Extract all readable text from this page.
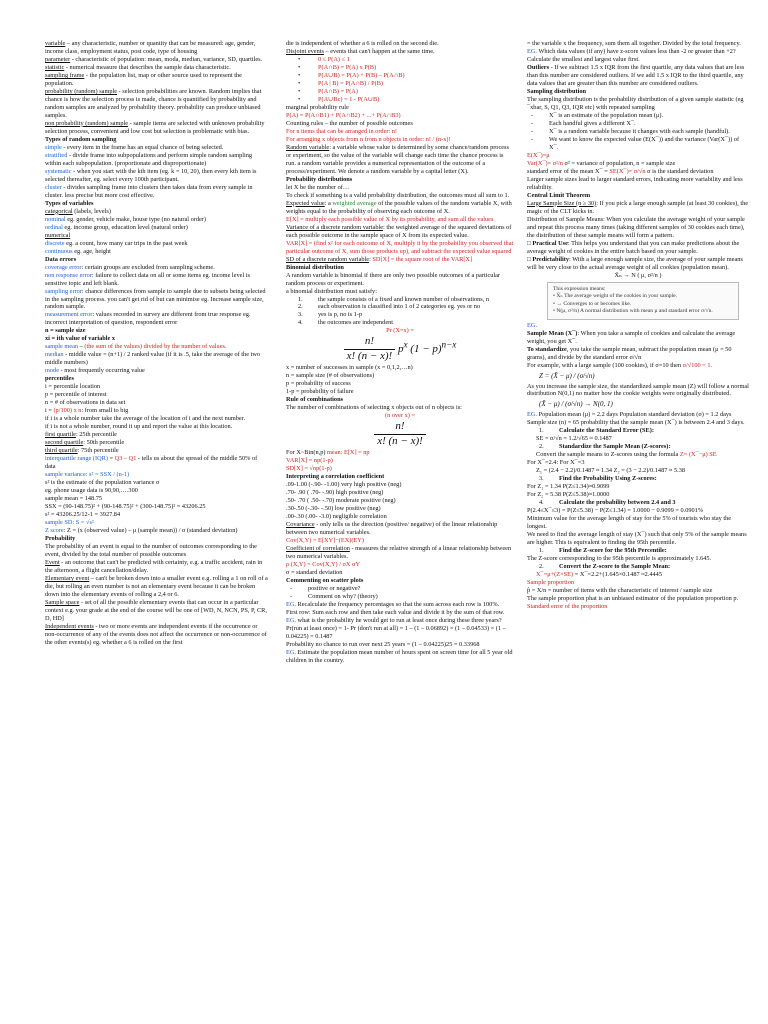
variable – any characteristic, number or quantity that can be measured: age, gender, income class, employment status, post code, type of housing
parameter - characteristic of population: mean, moda, median, variance, SD, quartiles.
statistic - numerical measure that describes the sample data characteristic.
sampling frame - the population list, map or other source used to represent the population.
probability (random) sample - selection probabilities are known. Random implies that chance is how the selection process is made, chance is quantified by probability and random samples are analyzed by probability theory. probability can produce unbiased samples.
non probability (random) sample - sample items are selected with unknown probability selection process, convenient and low cost but selection is problematic with bias.
Types of random sampling
simple - every item in the frame has an equal chance of being selected.
stratified - divide frame into subpopulations and perform simple random sampling within each subpopulation. (proportionate and disproportionate)
systematic - when you start with the kth item (eg. k = 10, 20), then every kth item is selected thereafter, eg. select every 100th participant.
cluster - divides sampling frame into clusters then takes data from every sample in cluster. less precise but more cost effective.
Types of variables
categorical (labels, levels)
nominal eg. gender, vehicle make, house type (no natural order)
ordinal eg. income group, education level (natural order)
numerical
discrete eg. a count, how many car trips in the past week
continuous eg. age, height
Data errors
coverage error: certain groups are excluded from sampling scheme.
non response error: failure to collect data on all or some items eg. income level is sensitive topic and left blank.
sampling error: chance differences from sample to sample due to subsets being selected in the sampling process. you can't get rid of but can minimise eg. Increase sample size, random sample.
measurement error: values recorded in survey are different from true response eg. incorrect interpretation of question, respondent error
n = sample size
xi = ith value of variable x
sample mean – (the sum of the values) divided by the number of values.
median - middle value = (n+1) / 2 ranked value (if it is .5, take the average of the two middle numbers)
mode - most frequently occurring value
percentiles
i = percentile location
p = percentile of interest
n = # of observations in data set
i = (p/100) x n: from small to big
if i is a whole number take the average of the location of i and the next number.
if i is not a whole number, round it up and report the value at this location.
first quartile: 25th percentile
second quartile: 50th percentile
third quartile: 75th percentile
interquartile range (IQR) = Q3 – Q1 - tells us about the spread of the middle 50% of data
sample variance: s² = SSX / (n-1)
s² is the estimate of the population variance σ
eg. phone usage data is 90,90,….300
sample mean = 148.75
SSX = (90-148.75)² + (90-148.75)² + (300-148.75)² = 43206.25
s² = 43206.25/12-1 = 3927.84
sample SD: S = √s²
Z score: Z = (x (observed value) – μ (sample mean)) / σ (standard deviation)
Probability
The probability of an event is equal to the number of outcomes corresponding to the event, divided by the total number of possible outcomes
Event - an outcome that can't be predicted with certainty, e.g. a traffic accident, rain in the afternoon, a flight cancellation/delay.
Elementary event – can't be broken down into a smaller event e.g. rolling a 1 on roll of a die, but rolling an even number is not an elementary event because it can be broken down into the elementary events of rolling a 2,4 or 6.
Sample space - set of all the possible elementary events that can occur in a particular context e.g. your grade at the end of the course will be one of [WD, N, NCN, PS, P, CR, D, HD]
Independent events - two or more events are independent events if the occurrence or non-occurrence of any of the events does not affect the occurrence or non-occurrence of the other events(s) eg. whether a 6 is rolled on the first
die is independent of whether a 6 is rolled on the second die.
Disjoint events – events that can't happen at the same time.
•	0 ≤ P(A) ≤ 1
•	P(A∩B) = P(A) x P(B)
•	P(A∪B) = P(A) + P(B) – P(A∩B)
•	P(A | B) = P(A∩B) / P(B)
•	P(A∩B) = P(A)
•	P(A∪Bc) = 1 - P(A∪B)
marginal probability rule
P(A) = P(A∩B1) + P(A∩B2) + ...+ P(A∩B3)
Counting rules – the number of possible outcomes
For n items that can be arranged in order: n!
For arranging x objects from n from n objects in order: n! / (n-x)!
Random variable: a variable whose value is determined by some chance/random process or experiment, so the value of the variable will change each time the chance process is run. a random variable provides a numerical representation of the outcome of a process/experiment. We denote a random variable by a capital letter (X).
Probability distributions
let X be the number of…
To check if something is a valid probability distribution, the outcomes must all sum to 1.
Expected value: a weighted average of the possible values of the random variable X, with weights equal to the probability of observing each outcome of X.
E[X] = multiply each possible value of X by its probability, and sum all the values
Variance of a discrete random variable: the weighted average of the squared deviations of each possible outcome in the sample space of X from its expected value.
VAR[X] = (find x² for each outcome of X, multiply it by the probability you observed that particular outcome of X, sum those products up), and subtract the expected value squared
SD of a discrete random variable: SD[X] = the square root of the VAR[X]
Binomial distribution
A random variable is binomial if there are only two possible outcomes of a particular random process or experiment.
a binomial distribution must satisfy:
1. the sample consists of a fixed and known number of observations, n
2. each observation is classified into 1 of 2 categories eg. yes or no
3. yes is p, no is 1-p
4. the outcomes are independent
Pr (X=x) =
$\frac{n!}{x! (n - x)!} p^x$ $(1 - p)^{n-x}$
x = number of successes in sample (x = 0,1,2,…n)
n = sample size (# of observations)
p = probability of success
1-p = probability of failure
Rule of combinations
The number of combinations of selecting x objects out of n objects is:
(n over x) =
$\frac{n!}{x! (n - x)!}$
For X~Bin(n,p) mean: E[X] = np
VAR[X] = np(1-p)
SD[X] = √np(1-p)
Interpreting a correlation coefficient
.09-1.00 (-.90- -1.00) very high positive (neg)
.70- .90 ( .70- -.90) high positive (neg)
.50- .70 ( .50- -.70) moderate positive (neg)
.30-.50 (-.30- -.50) low positive (neg)
.00-.30 (.00- -3.0) negligible correlation
Covariance - only tells us the direction (positive/ negative) of the linear relationship between two numerical variables.
Cov(X,Y) = E[XY]−(EX)(EY)
Coefficient of correlation - measures the relative strength of a linear relationship between two numerical variables.
ρ (X,Y) = Cov(X,Y) / σX σY
σ = standard deviation
Commenting on scatter plots
-	positive or negative?
-	Comment on why? (theory)
EG. Recalculate the frequency percentages so that the sum across each row is 100%.
First row: Sum each row and then take each value and divide it by the sum of that row.
EG. what is the probability he would get to run at least once during these three years? Pr(run at least once) = 1- Pr (don't run at all) = 1 – (1 – 0.06892) × (1 – 0.04533) × (1 – 0.04225) = 0.1487
Probability no chance to run over next 25 years = (1 – 0.04225)25 = 0.33968
EG. Estimate the population mean number of hours spent on screen time for all 5 year old children in the country.
= the variable x the frequency, sum them all together. Divided by the total frequency.
EG. Which data values (if any) have z-score values less than -2 or greater than +2?
Calculate the smallest and largest value first.
Outliers - If we subtract 1.5 x IQR from the first quartile, any data values that are less than this number are considered outliers. If we add 1.5 x IQR to the third quartile, any data values that are greater than this number are considered outliers.
Sampling distribution
The sampling distribution is the probability distribution of a given sample statistic (eg ¯xbar, S, Q1, Q3, IQR etc) with repeated sampling
-	X¯ is an estimate of the population mean (μ).
-	Each handful gives a different X¯.
-	X¯ is a random variable because it changes with each sample (handful).
-	We want to know the expected value (E(X¯)) and the variance (Var(X¯)) of X¯.
E(X¯)=μ
Var(X¯)= σ²/n σ² = variance of population, n = sample size
standard error of the mean X¯ = SE(X¯)= σ/√n σ is the standard deviation
Larger sample sizes lead to larger standard errors, indicating more variability and less reliability.
Central Limit Theorem
Large Sample Size (n ≥ 30): If you pick a large enough sample (at least 30 cookies), the magic of the CLT kicks in.
Distribution of Sample Means: When you calculate the average weight of your sample and repeat this process many times (taking different samples of 30 cookies each time), the distribution of these sample means will form a pattern.
□ Practical Use: This helps you understand that you can make predictions about the average weight of cookies in the entire batch based on your sample.
□ Predictability: With a large enough sample size, the average of your sample means will be very close to the actual average weight of all cookies (population mean).
X̄ₙ → N ( μ, σ²/n )
This expression means:
• X̄ₙ The average weight of the cookies in your sample.
• → Converges to or becomes like.
• N(μ, σ²/n) A normal distribution with mean μ and standard error σ/√n.
EG.
Sample Mean (X¯): When you take a sample of cookies and calculate the average weight, you get X¯.
To standardize, you take the sample mean, subtract the population mean (μ = 50 grams), and divide by the standard error σ/√n
For example, with a large sample (100 cookies), if σ=10 then σ/√100 = 1.
Z = (X̄ − μ) / (σ/√n)
As you increase the sample size, the standardized sample mean (Z) will follow a normal distribution N(0,1) no matter how the cookie weights were originally distributed.
(X̄ − μ) / (σ/√n) → N(0, 1)
EG. Population mean (μ) = 2.2 days Population standard deviation (σ) = 1.2 days Sample size (n) = 65 probability that the sample mean (X¯) is between 2.4 and 3 days.
1. Calculate the Standard Error (SE):
SE = σ/√n = 1.2/√65 ≈ 0.1487
2. Standardize the Sample Mean (Z-scores):
Convert the sample means to Z-scores using the formula Z= (X¯−μ) SE
For X¯=2.4: For X¯=3
Z₁ = (2.4 − 2.2)/0.1487 ≈ 1.34 Z₂ = (3 − 2.2)/0.1487 ≈ 5.38
3. Find the Probability Using Z-scores:
For Z₁ = 1.34 P(Z≤1.34)≈0.9099
For Z₂ = 5.38 P(Z≤5.38)≈1.0000
4. Calculate the probability between 2.4 and 3
P(2.4≤X¯≤3) = P(Z≤5.38) − P(Z≤1.34) = 1.0000 − 0.9099 = 0.0901%
Minimum value for the average length of stay for the 5% of tourists who stay the longest.
We need to find the average length of stay (X¯) such that only 5% of the sample means are higher. This is equivalent to finding the 95th percentile.
1. Find the Z-score for the 95th Percentile:
The Z-score corresponding to the 95th percentile is approximately 1.645.
2. Convert the Z-score to the Sample Mean:
X¯=μ+(Z×SE) = X¯=2.2+(1.645×0.1487 ≈2.4445
Sample proportion
p̂ = X/n = number of items with the characteristic of interest / sample size
The sample proportion phat is an unbiased estimator of the population proportion p.
Standard error of the proportion
